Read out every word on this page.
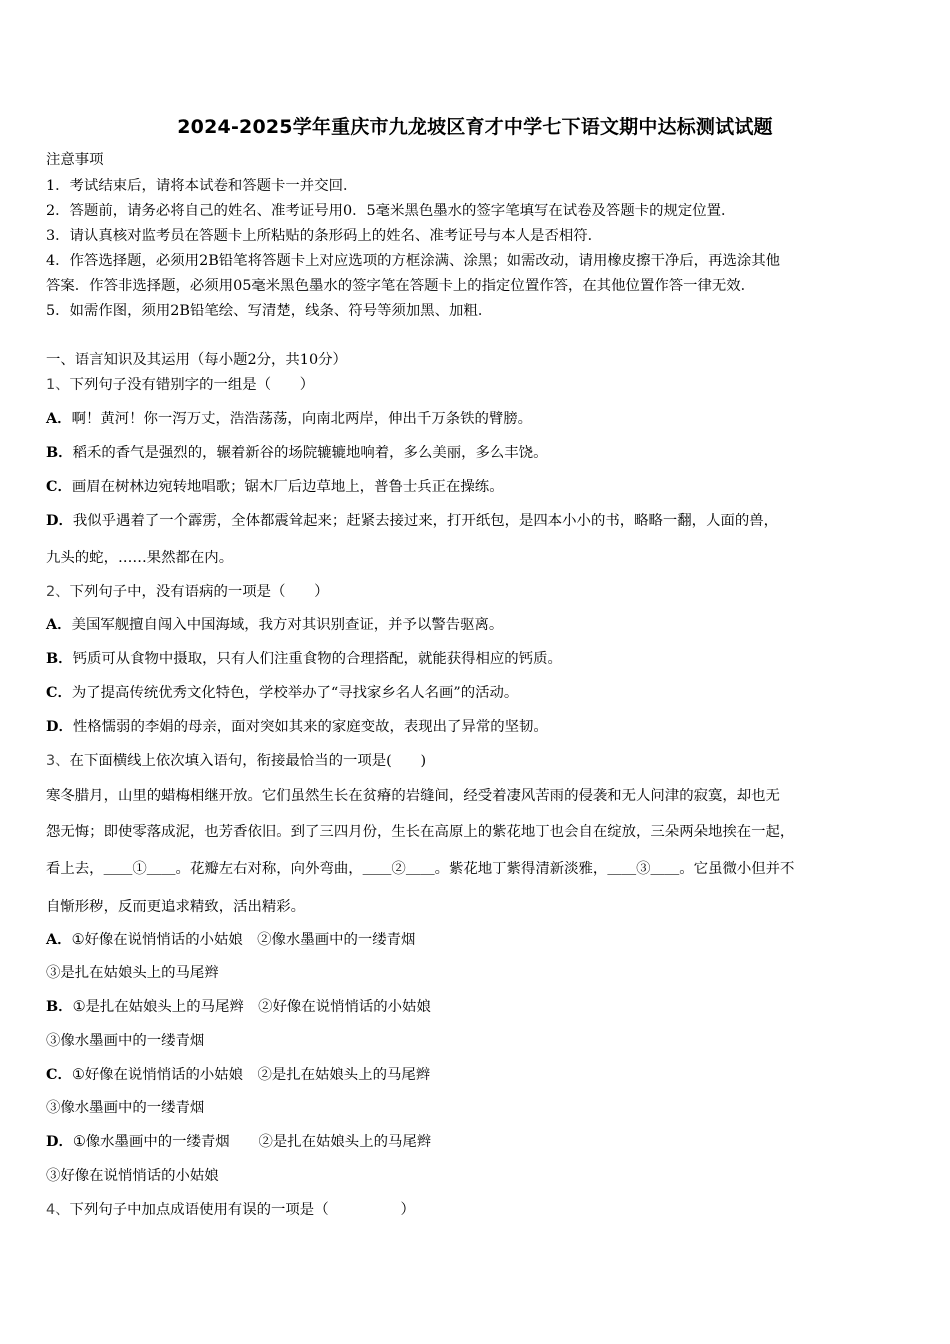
2024-2025学年重庆市九龙坡区育才中学七下语文期中达标测试试题
注意事项
1．考试结束后，请将本试卷和答题卡一并交回．
2．答题前，请务必将自己的姓名、准考证号用0．5毫米黑色墨水的签字笔填写在试卷及答题卡的规定位置．
3．请认真核对监考员在答题卡上所粘贴的条形码上的姓名、准考证号与本人是否相符．
4．作答选择题，必须用2B铅笔将答题卡上对应选项的方框涂满、涂黑；如需改动，请用橡皮擦干净后，再选涂其他
答案．作答非选择题，必须用05毫米黑色墨水的签字笔在答题卡上的指定位置作答，在其他位置作答一律无效．
5．如需作图，须用2B铅笔绘、写清楚，线条、符号等须加黑、加粗．
一、语言知识及其运用（每小题2分，共10分）
1、下列句子没有错别字的一组是（　　）
A．啊！黄河！你一泻万丈，浩浩荡荡，向南北两岸，伸出千万条铁的臂膀。
B．稻禾的香气是强烈的，辗着新谷的场院辘辘地响着，多么美丽，多么丰饶。
C．画眉在树林边宛转地唱歌；锯木厂后边草地上，普鲁士兵正在操练。
D．我似乎遇着了一个霹雳，全体都震耸起来；赶紧去接过来，打开纸包，是四本小小的书，略略一翻，人面的兽，
九头的蛇，……果然都在内。
2、下列句子中，没有语病的一项是（　　）
A．美国军舰擅自闯入中国海域，我方对其识别查证，并予以警告驱离。
B．钙质可从食物中摄取，只有人们注重食物的合理搭配，就能获得相应的钙质。
C．为了提高传统优秀文化特色，学校举办了“寻找家乡名人名画”的活动。
D．性格懦弱的李娟的母亲，面对突如其来的家庭变故，表现出了异常的坚韧。
3、在下面横线上依次填入语句，衔接最恰当的一项是(　　)
寒冬腊月，山里的蜡梅相继开放。它们虽然生长在贫瘠的岩缝间，经受着凄风苦雨的侵袭和无人问津的寂寞，却也无
怨无悔；即使零落成泥，也芳香依旧。到了三四月份，生长在高原上的紫花地丁也会自在绽放，三朵两朵地挨在一起，
看上去，＿＿①＿＿。花瓣左右对称，向外弯曲，＿＿②＿＿。紫花地丁紫得清新淡雅，＿＿③＿＿。它虽微小但并不
自惭形秽，反而更追求精致，活出精彩。
A．①好像在说悄悄话的小姑娘　②像水墨画中的一缕青烟
③是扎在姑娘头上的马尾辫
B．①是扎在姑娘头上的马尾辫　②好像在说悄悄话的小姑娘
③像水墨画中的一缕青烟
C．①好像在说悄悄话的小姑娘　②是扎在姑娘头上的马尾辫
③像水墨画中的一缕青烟
D．①像水墨画中的一缕青烟　　②是扎在姑娘头上的马尾辫
③好像在说悄悄话的小姑娘
4、下列句子中加点成语使用有误的一项是（　　　　　）
